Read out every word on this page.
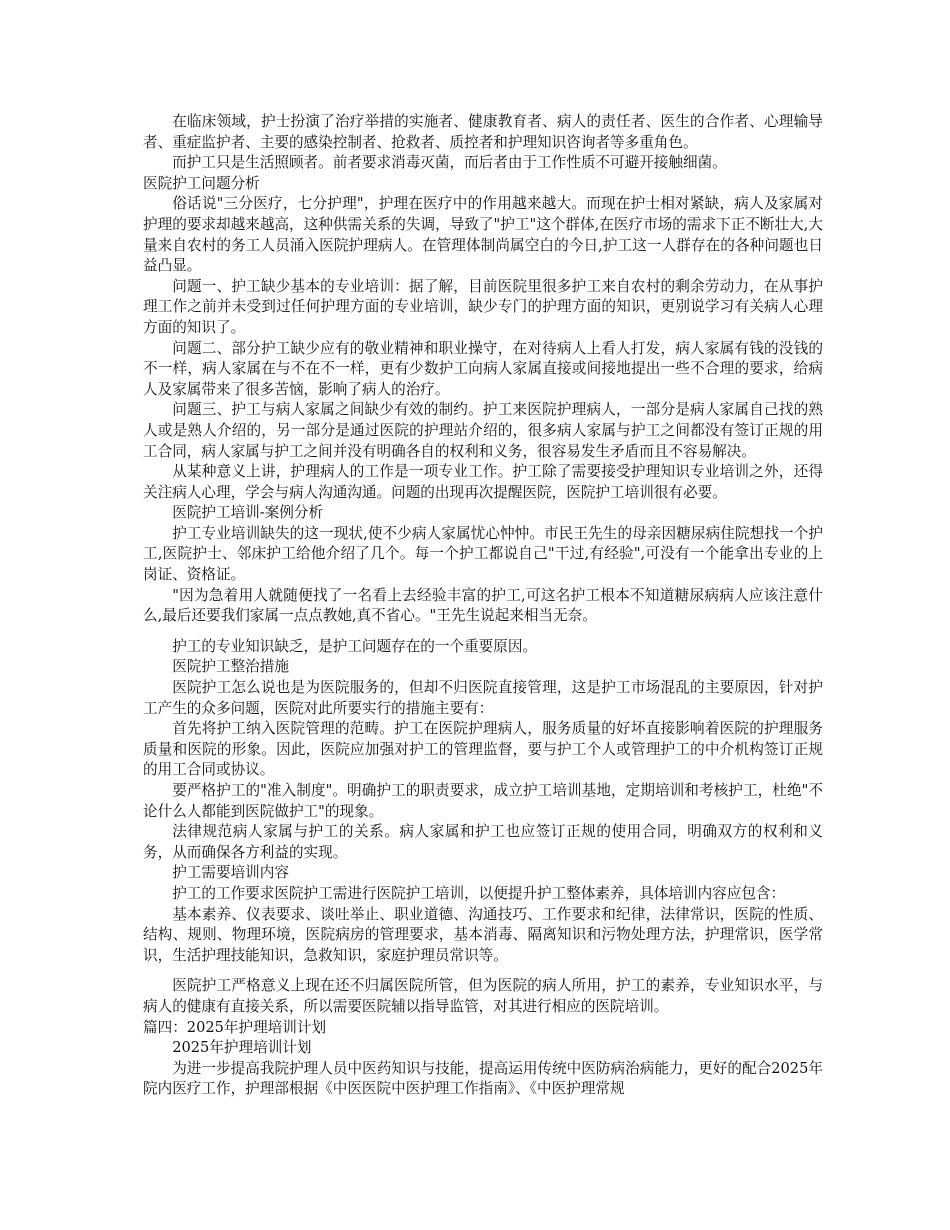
在临床领域，护士扮演了治疗举措的实施者、健康教育者、病人的责任者、医生的合作者、心理输导者、重症监护者、主要的感染控制者、抢救者、质控者和护理知识咨询者等多重角色。

而护工只是生活照顾者。前者要求消毒灭菌，而后者由于工作性质不可避开接触细菌。

医院护工问题分析

俗话说"三分医疗，七分护理"，护理在医疗中的作用越来越大。而现在护士相对紧缺，病人及家属对护理的要求却越来越高，这种供需关系的失调，导致了"护工"这个群体,在医疗市场的需求下正不断壮大,大量来自农村的务工人员涌入医院护理病人。在管理体制尚属空白的今日,护工这一人群存在的各种问题也日益凸显。

问题一、护工缺少基本的专业培训：据了解，目前医院里很多护工来自农村的剩余劳动力，在从事护理工作之前并未受到过任何护理方面的专业培训，缺少专门的护理方面的知识，更别说学习有关病人心理方面的知识了。

问题二、部分护工缺少应有的敬业精神和职业操守，在对待病人上看人打发，病人家属有钱的没钱的不一样，病人家属在与不在不一样，更有少数护工向病人家属直接或间接地提出一些不合理的要求，给病人及家属带来了很多苦恼，影响了病人的治疗。

问题三、护工与病人家属之间缺少有效的制约。护工来医院护理病人，一部分是病人家属自己找的熟人或是熟人介绍的，另一部分是通过医院的护理站介绍的，很多病人家属与护工之间都没有签订正规的用工合同，病人家属与护工之间并没有明确各自的权利和义务，很容易发生矛盾而且不容易解决。

从某种意义上讲，护理病人的工作是一项专业工作。护工除了需要接受护理知识专业培训之外，还得关注病人心理，学会与病人沟通沟通。问题的出现再次提醒医院，医院护工培训很有必要。

医院护工培训-案例分析

护工专业培训缺失的这一现状,使不少病人家属忧心忡忡。市民王先生的母亲因糖尿病住院想找一个护工,医院护士、邻床护工给他介绍了几个。每一个护工都说自己"干过,有经验",可没有一个能拿出专业的上岗证、资格证。

"因为急着用人就随便找了一名看上去经验丰富的护工,可这名护工根本不知道糖尿病病人应该注意什么,最后还要我们家属一点点教她,真不省心。"王先生说起来相当无奈。

护工的专业知识缺乏，是护工问题存在的一个重要原因。

医院护工整治措施

医院护工怎么说也是为医院服务的，但却不归医院直接管理，这是护工市场混乱的主要原因，针对护工产生的众多问题，医院对此所要实行的措施主要有：

首先将护工纳入医院管理的范畴。护工在医院护理病人，服务质量的好坏直接影响着医院的护理服务质量和医院的形象。因此，医院应加强对护工的管理监督，要与护工个人或管理护工的中介机构签订正规的用工合同或协议。

要严格护工的"准入制度"。明确护工的职责要求，成立护工培训基地，定期培训和考核护工，杜绝"不论什么人都能到医院做护工"的现象。

法律规范病人家属与护工的关系。病人家属和护工也应签订正规的使用合同，明确双方的权利和义务，从而确保各方利益的实现。

护工需要培训内容

护工的工作要求医院护工需进行医院护工培训，以便提升护工整体素养，具体培训内容应包含：

基本素养、仪表要求、谈吐举止、职业道德、沟通技巧、工作要求和纪律，法律常识，医院的性质、结构、规则、物理环境，医院病房的管理要求，基本消毒、隔离知识和污物处理方法，护理常识，医学常识，生活护理技能知识，急救知识，家庭护理员常识等。

医院护工严格意义上现在还不归属医院所管，但为医院的病人所用，护工的素养，专业知识水平，与病人的健康有直接关系，所以需要医院辅以指导监管，对其进行相应的医院培训。

篇四：2025年护理培训计划

2025年护理培训计划

为进一步提高我院护理人员中医药知识与技能，提高运用传统中医防病治病能力，更好的配合2025年院内医疗工作，护理部根据《中医医院中医护理工作指南》、《中医护理常规
